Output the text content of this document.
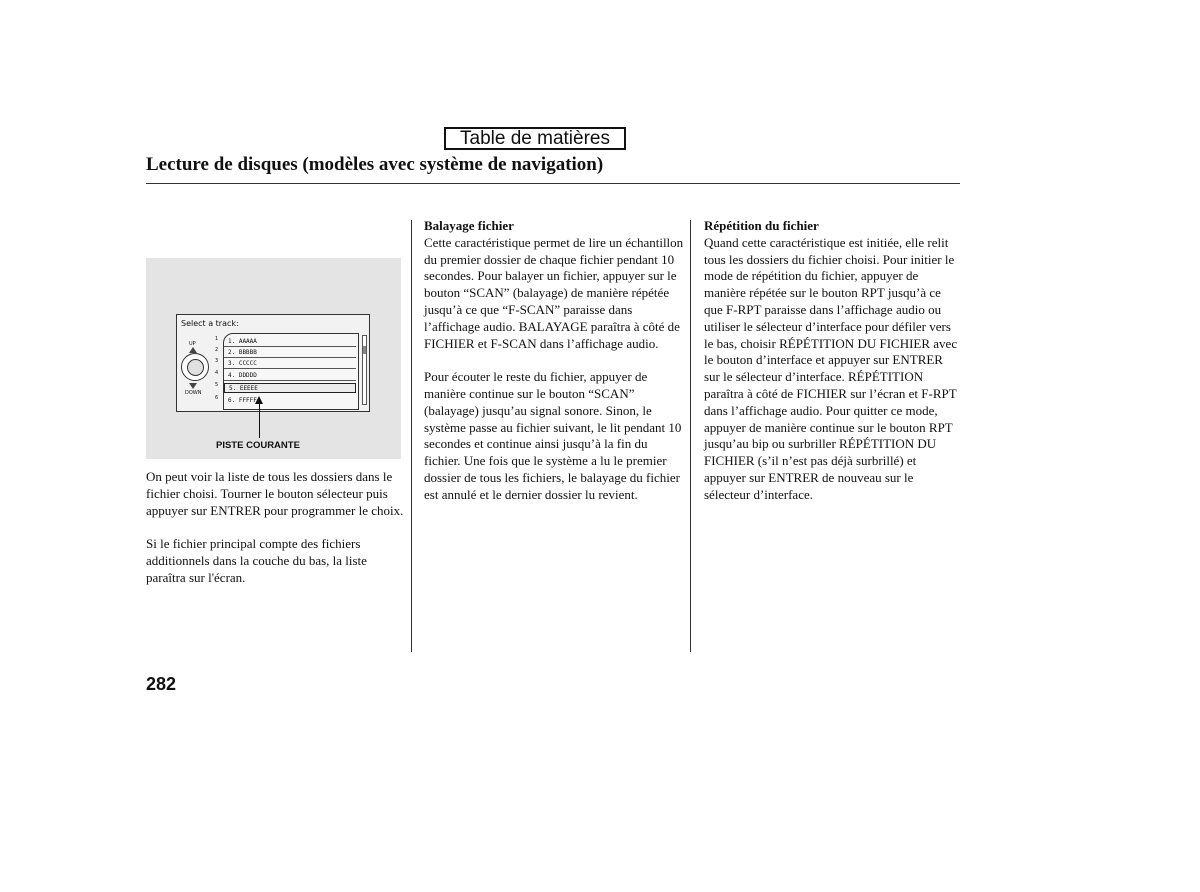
Table de matières
Lecture de disques (modèles avec système de navigation)
Select a track:
UP
DOWN
1
2
3
4
5
6
1. AAAAA
2. BBBBB
3. CCCCC
4. DDDDD
5. EEEEE
6. FFFFF
PISTE COURANTE

On peut voir la liste de tous les dossiers dans le fichier choisi. Tourner le bouton sélecteur puis appuyer sur ENTRER pour programmer le choix.

Si le fichier principal compte des fichiers additionnels dans la couche du bas, la liste paraîtra sur l'écran.

Balayage fichier

Cette caractéristique permet de lire un échantillon du premier dossier de chaque fichier pendant 10 secondes. Pour balayer un fichier, appuyer sur le bouton “SCAN” (balayage) de manière répétée jusqu’à ce que “F-SCAN” paraisse dans l’affichage audio. BALAYAGE paraîtra à côté de FICHIER et F-SCAN dans l’affichage audio.

Pour écouter le reste du fichier, appuyer de manière continue sur le bouton “SCAN” (balayage) jusqu’au signal sonore. Sinon, le système passe au fichier suivant, le lit pendant 10 secondes et continue ainsi jusqu’à la fin du fichier. Une fois que le système a lu le premier dossier de tous les fichiers, le balayage du fichier est annulé et le dernier dossier lu revient.

Répétition du fichier

Quand cette caractéristique est initiée, elle relit tous les dossiers du fichier choisi. Pour initier le mode de répétition du fichier, appuyer de manière répétée sur le bouton RPT jusqu’à ce que F-RPT paraisse dans l’affichage audio ou utiliser le sélecteur d’interface pour défiler vers le bas, choisir RÉPÉTITION DU FICHIER avec le bouton d’interface et appuyer sur ENTRER sur le sélecteur d’interface. RÉPÉTITION paraîtra à côté de FICHIER sur l’écran et F-RPT dans l’affichage audio. Pour quitter ce mode, appuyer de manière continue sur le bouton RPT jusqu’au bip ou surbriller RÉPÉTITION DU FICHIER (s’il n’est pas déjà surbrillé) et appuyer sur ENTRER de nouveau sur le sélecteur d’interface.

282
